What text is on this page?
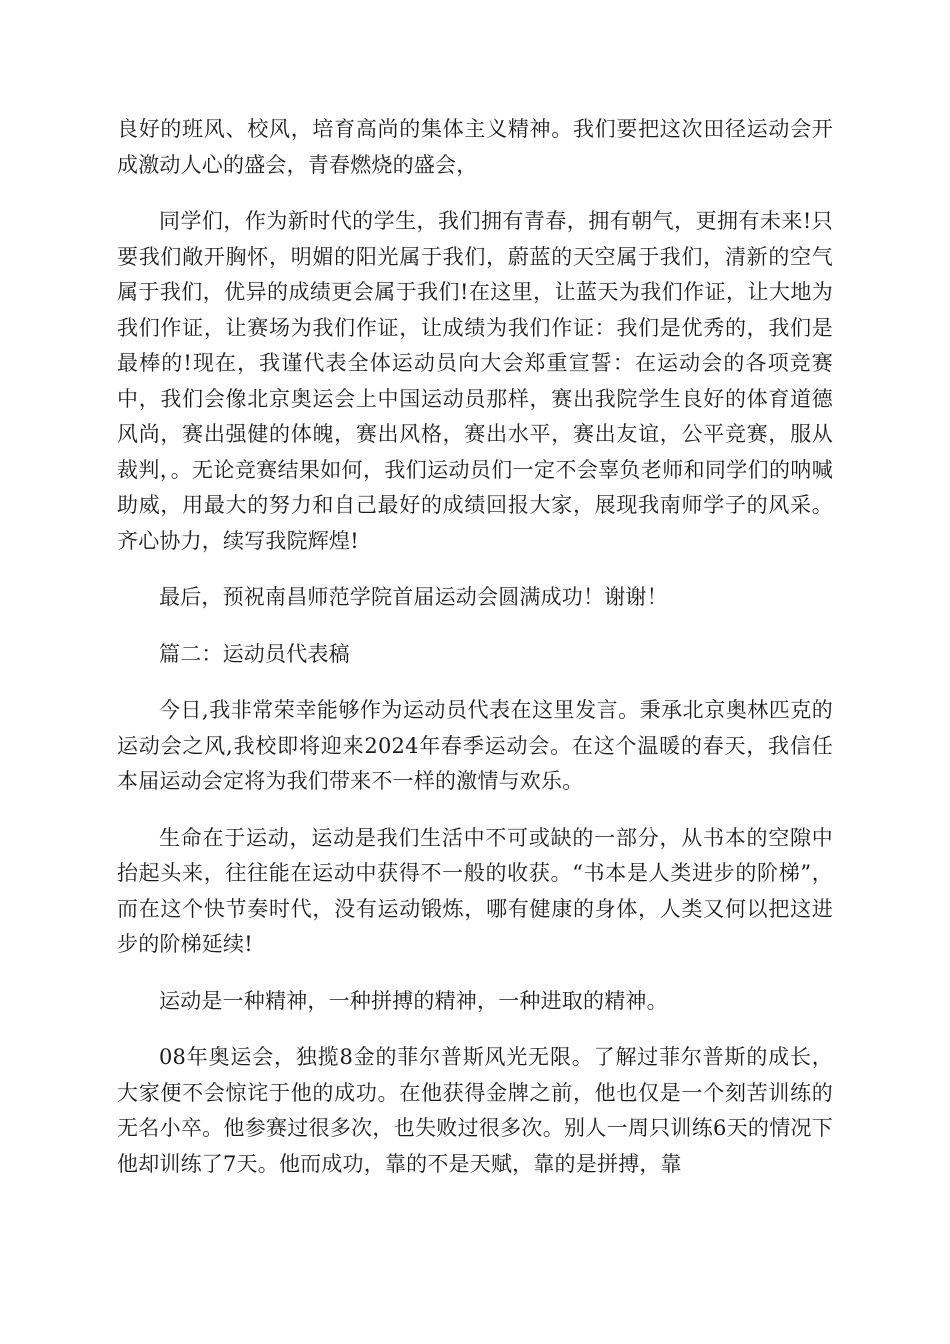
良好的班风、校风，培育高尚的集体主义精神。我们要把这次田径运动会开成激动人心的盛会，青春燃烧的盛会，

同学们，作为新时代的学生，我们拥有青春，拥有朝气，更拥有未来!只要我们敞开胸怀，明媚的阳光属于我们，蔚蓝的天空属于我们，清新的空气属于我们，优异的成绩更会属于我们!在这里，让蓝天为我们作证，让大地为我们作证，让赛场为我们作证，让成绩为我们作证：我们是优秀的，我们是最棒的!现在，我谨代表全体运动员向大会郑重宣誓：在运动会的各项竞赛中，我们会像北京奥运会上中国运动员那样，赛出我院学生良好的体育道德风尚，赛出强健的体魄，赛出风格，赛出水平，赛出友谊，公平竞赛，服从裁判，。无论竞赛结果如何，我们运动员们一定不会辜负老师和同学们的呐喊助威，用最大的努力和自己最好的成绩回报大家，展现我南师学子的风采。齐心协力，续写我院辉煌!

最后，预祝南昌师范学院首届运动会圆满成功！谢谢！

篇二：运动员代表稿

今日,我非常荣幸能够作为运动员代表在这里发言。秉承北京奥林匹克的运动会之风,我校即将迎来2024年春季运动会。在这个温暖的春天，我信任本届运动会定将为我们带来不一样的激情与欢乐。

生命在于运动，运动是我们生活中不可或缺的一部分，从书本的空隙中抬起头来，往往能在运动中获得不一般的收获。“书本是人类进步的阶梯”，而在这个快节奏时代，没有运动锻炼，哪有健康的身体，人类又何以把这进步的阶梯延续!

运动是一种精神，一种拼搏的精神，一种进取的精神。

08年奥运会，独揽8金的菲尔普斯风光无限。了解过菲尔普斯的成长，大家便不会惊诧于他的成功。在他获得金牌之前，他也仅是一个刻苦训练的无名小卒。他参赛过很多次，也失败过很多次。别人一周只训练6天的情况下他却训练了7天。他而成功，靠的不是天赋，靠的是拼搏，靠
